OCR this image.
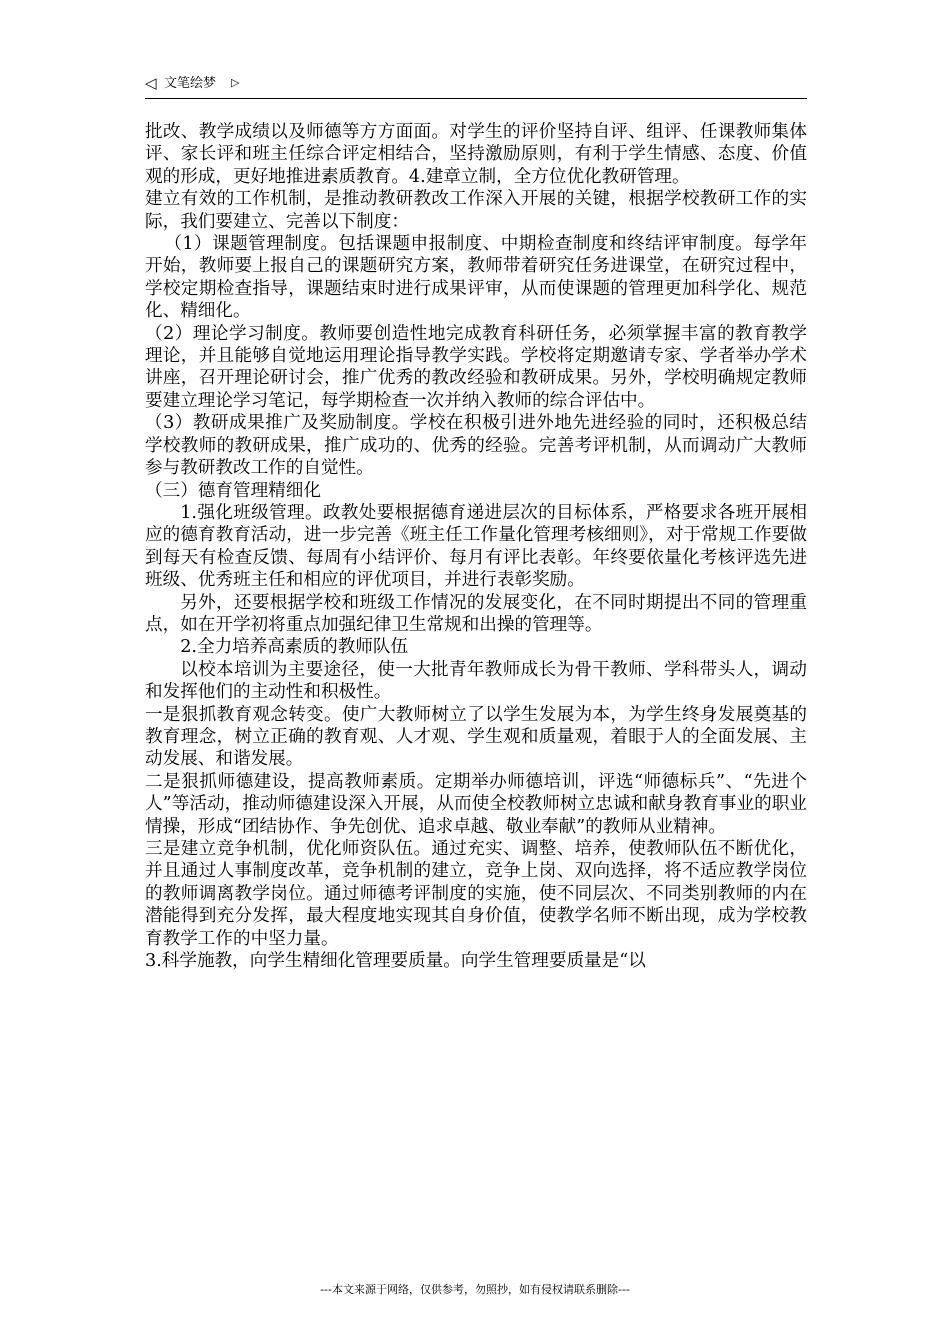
◁ 文笔绘梦 ▷

批改、教学成绩以及师德等方方面面。对学生的评价坚持自评、组评、任课教师集体评、家长评和班主任综合评定相结合，坚持激励原则，有利于学生情感、态度、价值观的形成，更好地推进素质教育。4.建章立制，全方位优化教研管理。

建立有效的工作机制，是推动教研教改工作深入开展的关键，根据学校教研工作的实际，我们要建立、完善以下制度：

（1）课题管理制度。包括课题申报制度、中期检查制度和终结评审制度。每学年开始，教师要上报自己的课题研究方案，教师带着研究任务进课堂，在研究过程中，学校定期检查指导，课题结束时进行成果评审，从而使课题的管理更加科学化、规范化、精细化。

（2）理论学习制度。教师要创造性地完成教育科研任务，必须掌握丰富的教育教学理论，并且能够自觉地运用理论指导教学实践。学校将定期邀请专家、学者举办学术讲座，召开理论研讨会，推广优秀的教改经验和教研成果。另外，学校明确规定教师要建立理论学习笔记，每学期检查一次并纳入教师的综合评估中。

（3）教研成果推广及奖励制度。学校在积极引进外地先进经验的同时，还积极总结学校教师的教研成果，推广成功的、优秀的经验。完善考评机制，从而调动广大教师参与教研教改工作的自觉性。

（三）德育管理精细化

1.强化班级管理。政教处要根据德育递进层次的目标体系，严格要求各班开展相应的德育教育活动，进一步完善《班主任工作量化管理考核细则》，对于常规工作要做到每天有检查反馈、每周有小结评价、每月有评比表彰。年终要依量化考核评选先进班级、优秀班主任和相应的评优项目，并进行表彰奖励。

另外，还要根据学校和班级工作情况的发展变化，在不同时期提出不同的管理重点，如在开学初将重点加强纪律卫生常规和出操的管理等。

2.全力培养高素质的教师队伍

以校本培训为主要途径，使一大批青年教师成长为骨干教师、学科带头人，调动和发挥他们的主动性和积极性。

一是狠抓教育观念转变。使广大教师树立了以学生发展为本，为学生终身发展奠基的教育理念，树立正确的教育观、人才观、学生观和质量观，着眼于人的全面发展、主动发展、和谐发展。

二是狠抓师德建设，提高教师素质。定期举办师德培训，评选“师德标兵”、“先进个人”等活动，推动师德建设深入开展，从而使全校教师树立忠诚和献身教育事业的职业情操，形成“团结协作、争先创优、追求卓越、敬业奉献”的教师从业精神。

三是建立竞争机制，优化师资队伍。通过充实、调整、培养，使教师队伍不断优化，并且通过人事制度改革，竞争机制的建立，竞争上岗、双向选择，将不适应教学岗位的教师调离教学岗位。通过师德考评制度的实施，使不同层次、不同类别教师的内在潜能得到充分发挥，最大程度地实现其自身价值，使教学名师不断出现，成为学校教育教学工作的中坚力量。

3.科学施教，向学生精细化管理要质量。向学生管理要质量是“以

---本文来源于网络，仅供参考，勿照抄，如有侵权请联系删除---
